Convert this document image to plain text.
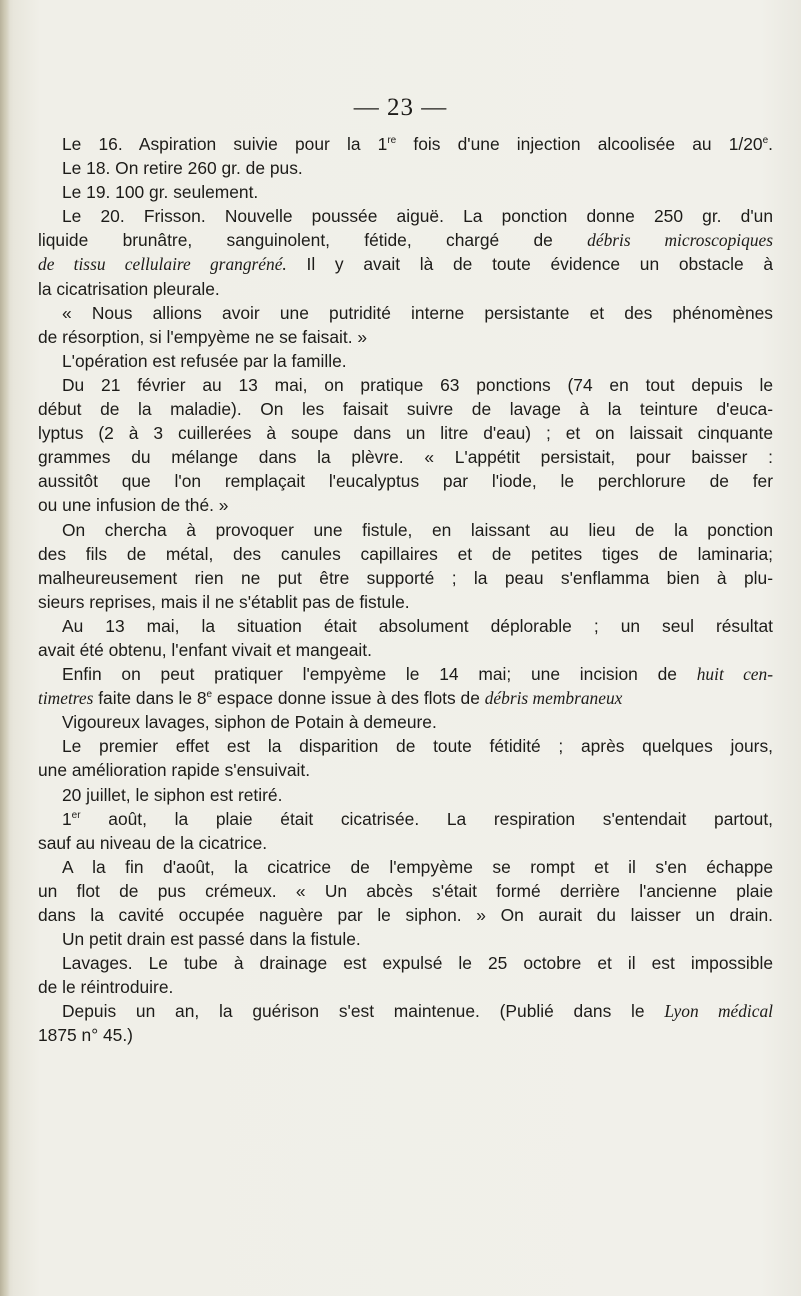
— 23 —
Le 16. Aspiration suivie pour la 1re fois d'une injection alcoolisée au 1/20e.
Le 18. On retire 260 gr. de pus.
Le 19. 100 gr. seulement.
Le 20. Frisson. Nouvelle poussée aiguë. La ponction donne 250 gr. d'un
liquide brunâtre, sanguinolent, fétide, chargé de débris microscopiques
de tissu cellulaire grangréné. Il y avait là de toute évidence un obstacle à
la cicatrisation pleurale.
« Nous allions avoir une putridité interne persistante et des phénomènes
de résorption, si l'empyème ne se faisait. »
L'opération est refusée par la famille.
Du 21 février au 13 mai, on pratique 63 ponctions (74 en tout depuis le
début de la maladie). On les faisait suivre de lavage à la teinture d'euca-
lyptus (2 à 3 cuillerées à soupe dans un litre d'eau) ; et on laissait cinquante
grammes du mélange dans la plèvre. « L'appétit persistait, pour baisser :
aussitôt que l'on remplaçait l'eucalyptus par l'iode, le perchlorure de fer
ou une infusion de thé. »
On chercha à provoquer une fistule, en laissant au lieu de la ponction
des fils de métal, des canules capillaires et de petites tiges de laminaria;
malheureusement rien ne put être supporté ; la peau s'enflamma bien à plu-
sieurs reprises, mais il ne s'établit pas de fistule.
Au 13 mai, la situation était absolument déplorable ; un seul résultat
avait été obtenu, l'enfant vivait et mangeait.
Enfin on peut pratiquer l'empyème le 14 mai; une incision de huit cen-
timetres faite dans le 8e espace donne issue à des flots de débris membraneux
Vigoureux lavages, siphon de Potain à demeure.
Le premier effet est la disparition de toute fétidité ; après quelques jours,
une amélioration rapide s'ensuivait.
20 juillet, le siphon est retiré.
1er août, la plaie était cicatrisée. La respiration s'entendait partout,
sauf au niveau de la cicatrice.
A la fin d'août, la cicatrice de l'empyème se rompt et il s'en échappe
un flot de pus crémeux. « Un abcès s'était formé derrière l'ancienne plaie
dans la cavité occupée naguère par le siphon. » On aurait du laisser un drain.
Un petit drain est passé dans la fistule.
Lavages. Le tube à drainage est expulsé le 25 octobre et il est impossible
de le réintroduire.
Depuis un an, la guérison s'est maintenue. (Publié dans le Lyon médical
1875 n° 45.)
